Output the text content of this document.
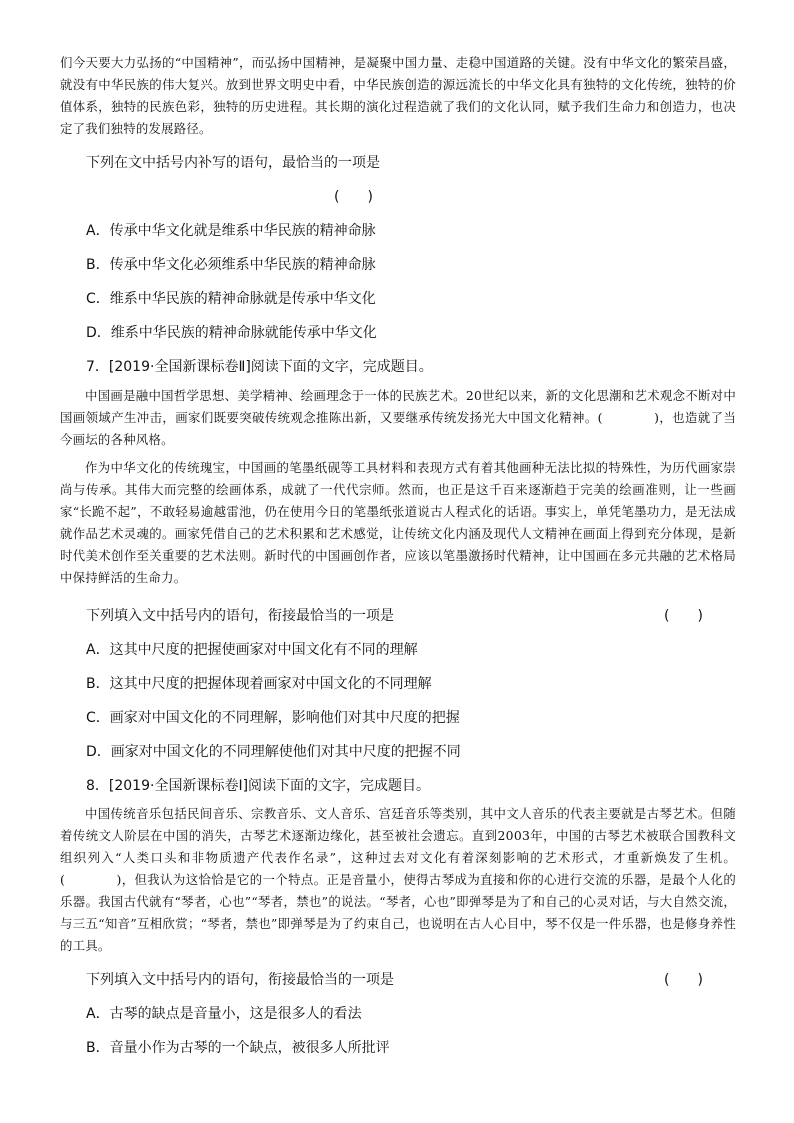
们今天要大力弘扬的“中国精神”，而弘扬中国精神，是凝聚中国力量、走稳中国道路的关键。没有中华文化的繁荣昌盛，就没有中华民族的伟大复兴。放到世界文明史中看，中华民族创造的源远流长的中华文化具有独特的文化传统，独特的价值体系，独特的民族色彩，独特的历史进程。其长期的演化过程造就了我们的文化认同，赋予我们生命力和创造力，也决定了我们独特的发展路径。

下列在文中括号内补写的语句，最恰当的一项是
(　　)
A．传承中华文化就是维系中华民族的精神命脉
B．传承中华文化必须维系中华民族的精神命脉
C．维系中华民族的精神命脉就是传承中华文化
D．维系中华民族的精神命脉就能传承中华文化
7．[2019·全国新课标卷Ⅱ]阅读下面的文字，完成题目。

中国画是融中国哲学思想、美学精神、绘画理念于一体的民族艺术。20世纪以来，新的文化思潮和艺术观念不断对中国画领域产生冲击，画家们既要突破传统观念推陈出新，又要继承传统发扬光大中国文化精神。(　　　　)，也造就了当今画坛的各种风格。

作为中华文化的传统瑰宝，中国画的笔墨纸砚等工具材料和表现方式有着其他画种无法比拟的特殊性，为历代画家崇尚与传承。其伟大而完整的绘画体系，成就了一代代宗师。然而，也正是这千百来逐渐趋于完美的绘画准则，让一些画家“长跪不起”，不敢轻易逾越雷池，仍在使用今日的笔墨纸张道说古人程式化的话语。事实上，单凭笔墨功力，是无法成就作品艺术灵魂的。画家凭借自己的艺术积累和艺术感觉，让传统文化内涵及现代人文精神在画面上得到充分体现，是新时代美术创作至关重要的艺术法则。新时代的中国画创作者，应该以笔墨激扬时代精神，让中国画在多元共融的艺术格局中保持鲜活的生命力。

下列填入文中括号内的语句，衔接最恰当的一项是	(　　)
A．这其中尺度的把握使画家对中国文化有不同的理解
B．这其中尺度的把握体现着画家对中国文化的不同理解
C．画家对中国文化的不同理解，影响他们对其中尺度的把握
D．画家对中国文化的不同理解使他们对其中尺度的把握不同
8．[2019·全国新课标卷Ⅰ]阅读下面的文字，完成题目。

中国传统音乐包括民间音乐、宗教音乐、文人音乐、宫廷音乐等类别，其中文人音乐的代表主要就是古琴艺术。但随着传统文人阶层在中国的消失，古琴艺术逐渐边缘化，甚至被社会遗忘。直到2003年，中国的古琴艺术被联合国教科文组织列入“人类口头和非物质遗产代表作名录”，这种过去对文化有着深刻影响的艺术形式，才重新焕发了生机。(　　　　)，但我认为这恰恰是它的一个特点。正是音量小，使得古琴成为直接和你的心进行交流的乐器，是最个人化的乐器。我国古代就有“琴者，心也”“琴者，禁也”的说法。“琴者，心也”即弹琴是为了和自己的心灵对话，与大自然交流，与三五“知音”互相欣赏；“琴者，禁也”即弹琴是为了约束自己，也说明在古人心目中，琴不仅是一件乐器，也是修身养性的工具。

下列填入文中括号内的语句，衔接最恰当的一项是	(　　)
A．古琴的缺点是音量小，这是很多人的看法
B．音量小作为古琴的一个缺点，被很多人所批评
